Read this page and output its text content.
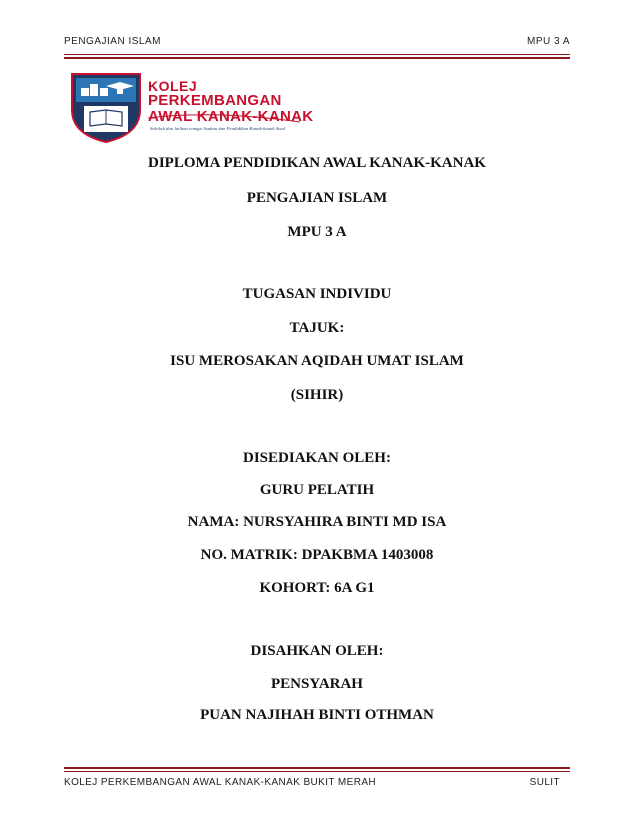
PENGAJIAN ISLAM	MPU 3 A
KOLEJ
PERKEMBANGAN
AWAL KANAK-KANAK
Sekolah dan latihan tenaga Asuhan dan Pendidikan Kanak-kanak Awal
DIPLOMA PENDIDIKAN AWAL KANAK-KANAK
PENGAJIAN ISLAM
MPU 3 A
TUGASAN INDIVIDU
TAJUK:
ISU MEROSAKAN AQIDAH UMAT ISLAM
(SIHIR)
DISEDIAKAN OLEH:
GURU PELATIH
NAMA: NURSYAHIRA BINTI MD ISA
NO. MATRIK: DPAKBMA 1403008
KOHORT: 6A G1
DISAHKAN OLEH:
PENSYARAH
PUAN NAJIHAH BINTI OTHMAN
KOLEJ PERKEMBANGAN AWAL KANAK-KANAK BUKIT MERAH	SULIT
